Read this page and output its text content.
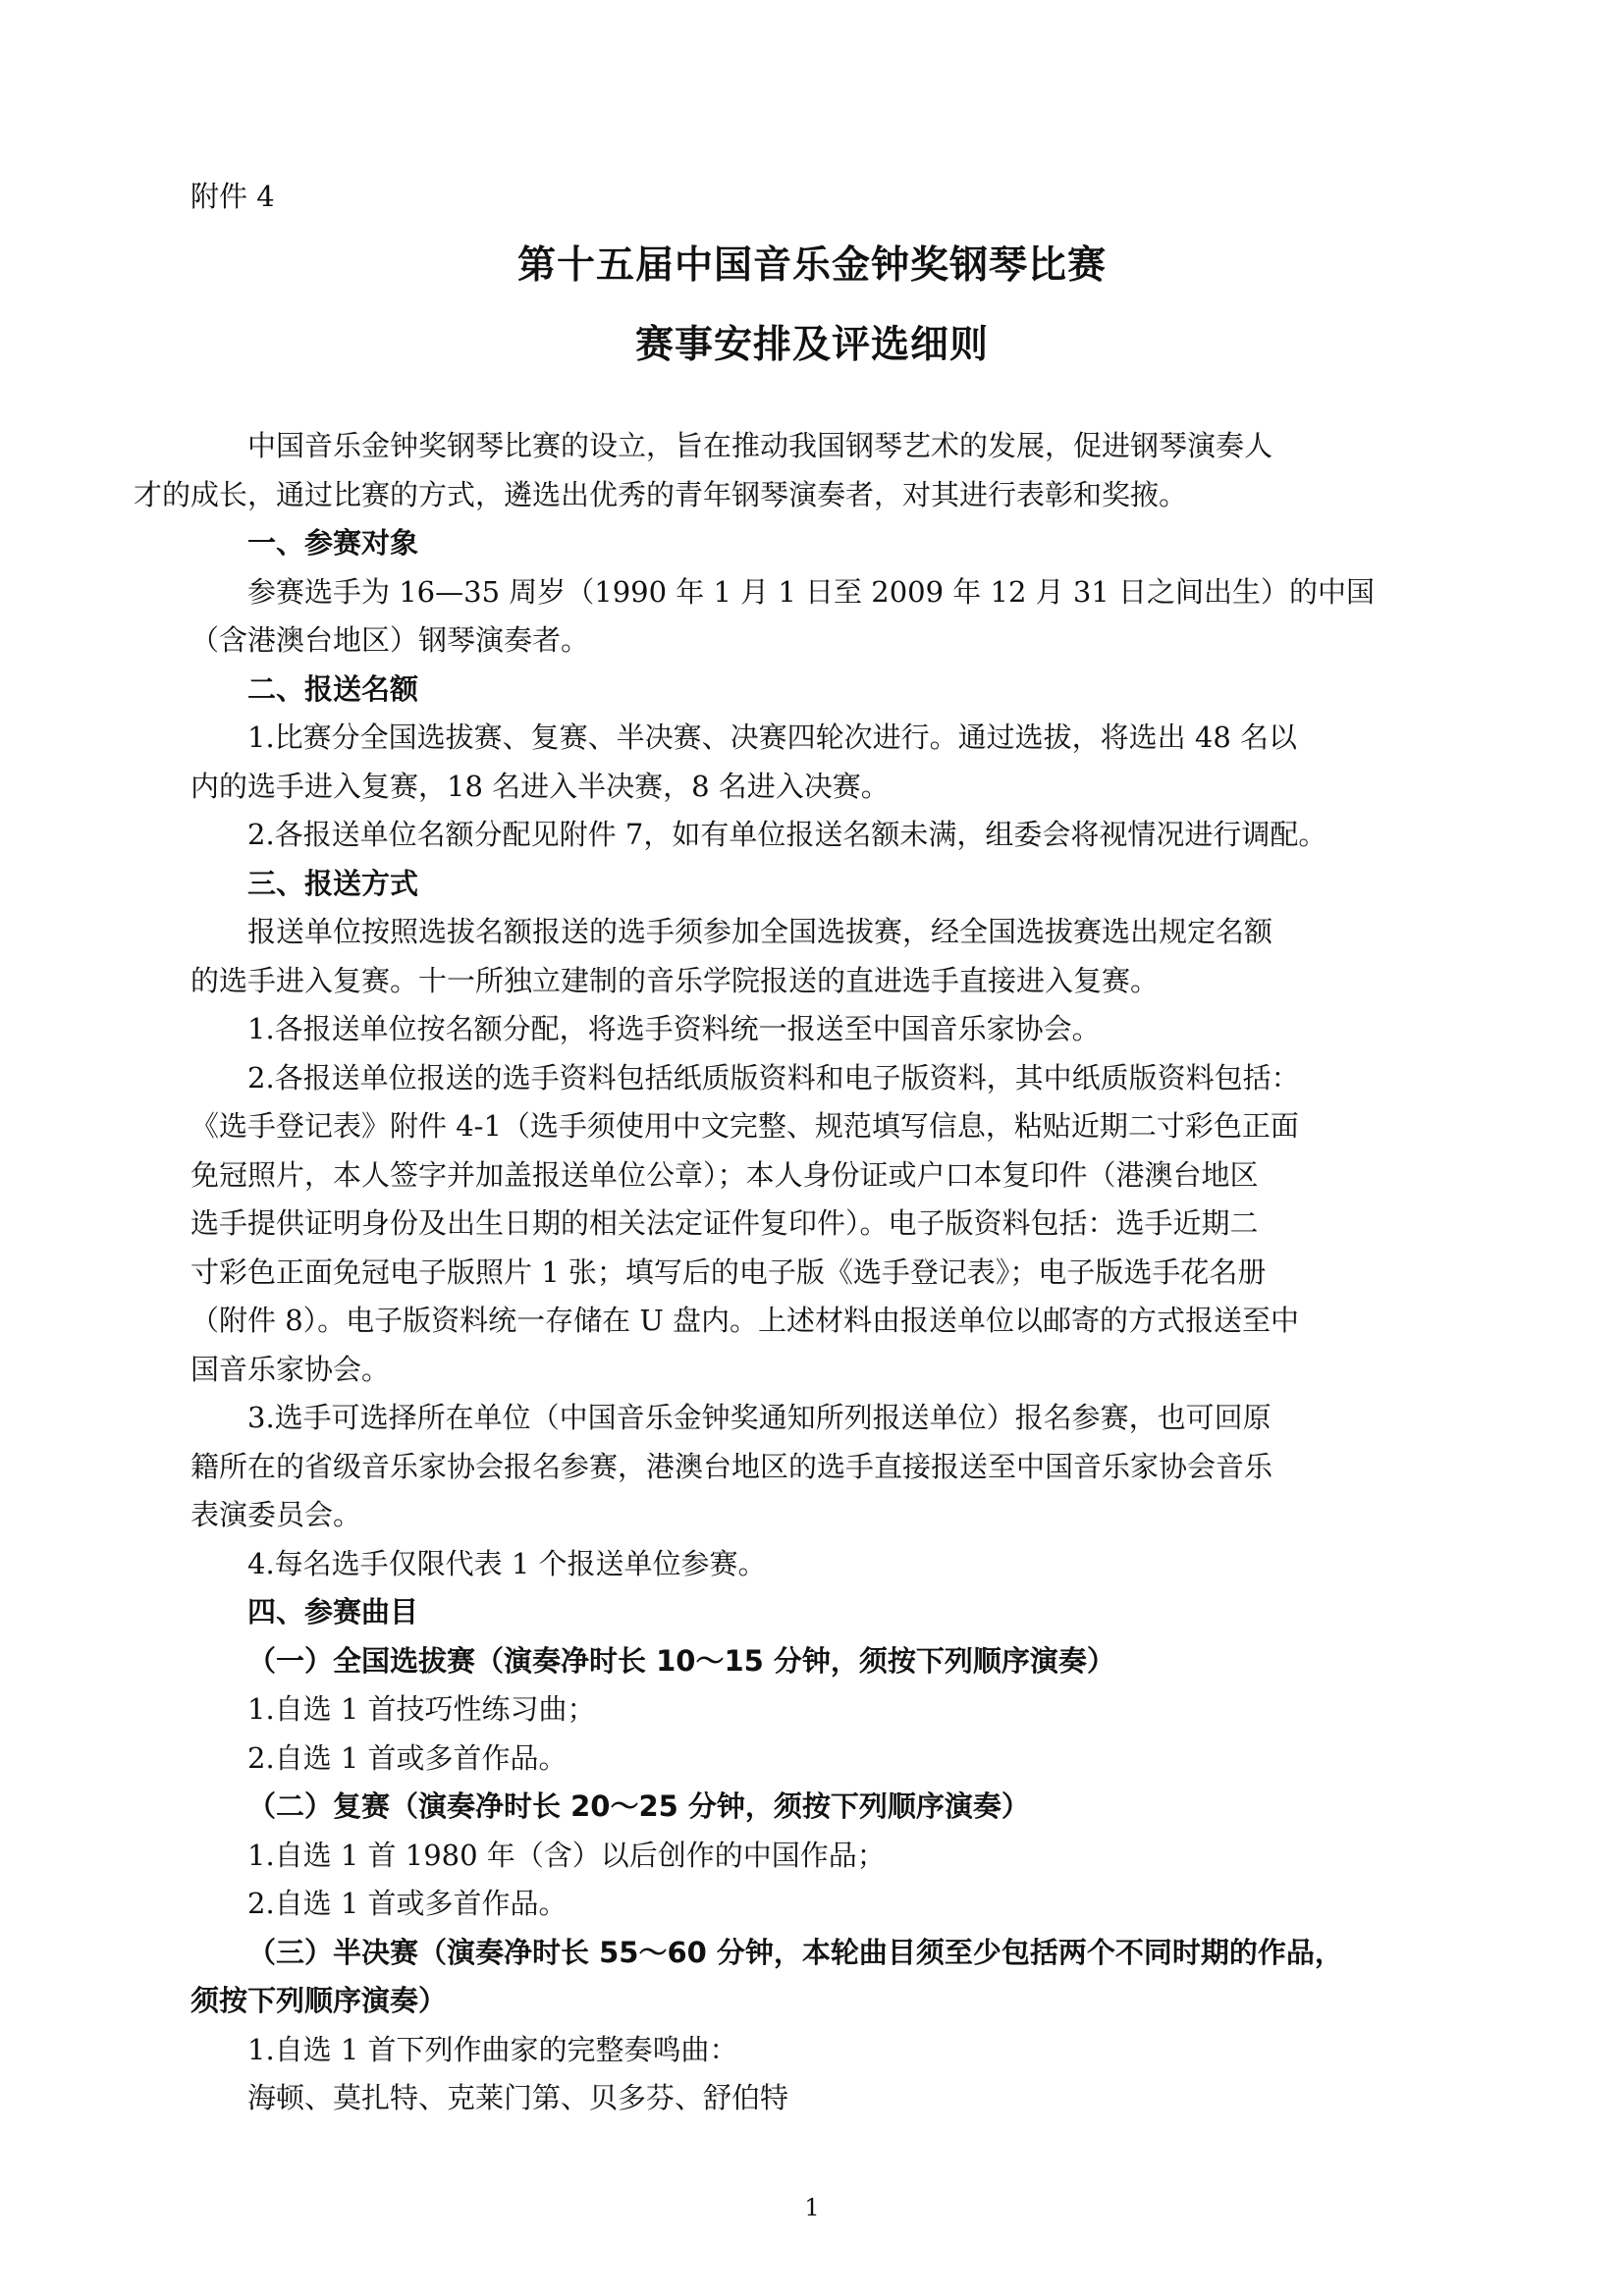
附件 4
第十五届中国音乐金钟奖钢琴比赛
赛事安排及评选细则

中国音乐金钟奖钢琴比赛的设立，旨在推动我国钢琴艺术的发展，促进钢琴演奏人
才的成长，通过比赛的方式，遴选出优秀的青年钢琴演奏者，对其进行表彰和奖掖。

一、参赛对象

参赛选手为 16—35 周岁（1990 年 1 月 1 日至 2009 年 12 月 31 日之间出生）的中国
（含港澳台地区）钢琴演奏者。

二、报送名额

1.比赛分全国选拔赛、复赛、半决赛、决赛四轮次进行。通过选拔，将选出 48 名以
内的选手进入复赛，18 名进入半决赛，8 名进入决赛。

2.各报送单位名额分配见附件 7，如有单位报送名额未满，组委会将视情况进行调配。

三、报送方式

报送单位按照选拔名额报送的选手须参加全国选拔赛，经全国选拔赛选出规定名额
的选手进入复赛。十一所独立建制的音乐学院报送的直进选手直接进入复赛。

1.各报送单位按名额分配，将选手资料统一报送至中国音乐家协会。

2.各报送单位报送的选手资料包括纸质版资料和电子版资料，其中纸质版资料包括：
《选手登记表》附件 4-1（选手须使用中文完整、规范填写信息，粘贴近期二寸彩色正面
免冠照片，本人签字并加盖报送单位公章）；本人身份证或户口本复印件（港澳台地区
选手提供证明身份及出生日期的相关法定证件复印件）。电子版资料包括：选手近期二
寸彩色正面免冠电子版照片 1 张；填写后的电子版《选手登记表》；电子版选手花名册
（附件 8）。电子版资料统一存储在 U 盘内。上述材料由报送单位以邮寄的方式报送至中
国音乐家协会。

3.选手可选择所在单位（中国音乐金钟奖通知所列报送单位）报名参赛，也可回原
籍所在的省级音乐家协会报名参赛，港澳台地区的选手直接报送至中国音乐家协会音乐
表演委员会。

4.每名选手仅限代表 1 个报送单位参赛。

四、参赛曲目

（一）全国选拔赛（演奏净时长 10～15 分钟，须按下列顺序演奏）

1.自选 1 首技巧性练习曲；

2.自选 1 首或多首作品。

（二）复赛（演奏净时长 20～25 分钟，须按下列顺序演奏）

1.自选 1 首 1980 年（含）以后创作的中国作品；

2.自选 1 首或多首作品。

（三）半决赛（演奏净时长 55～60 分钟，本轮曲目须至少包括两个不同时期的作品，
须按下列顺序演奏）

1.自选 1 首下列作曲家的完整奏鸣曲：

海顿、莫扎特、克莱门第、贝多芬、舒伯特

1
